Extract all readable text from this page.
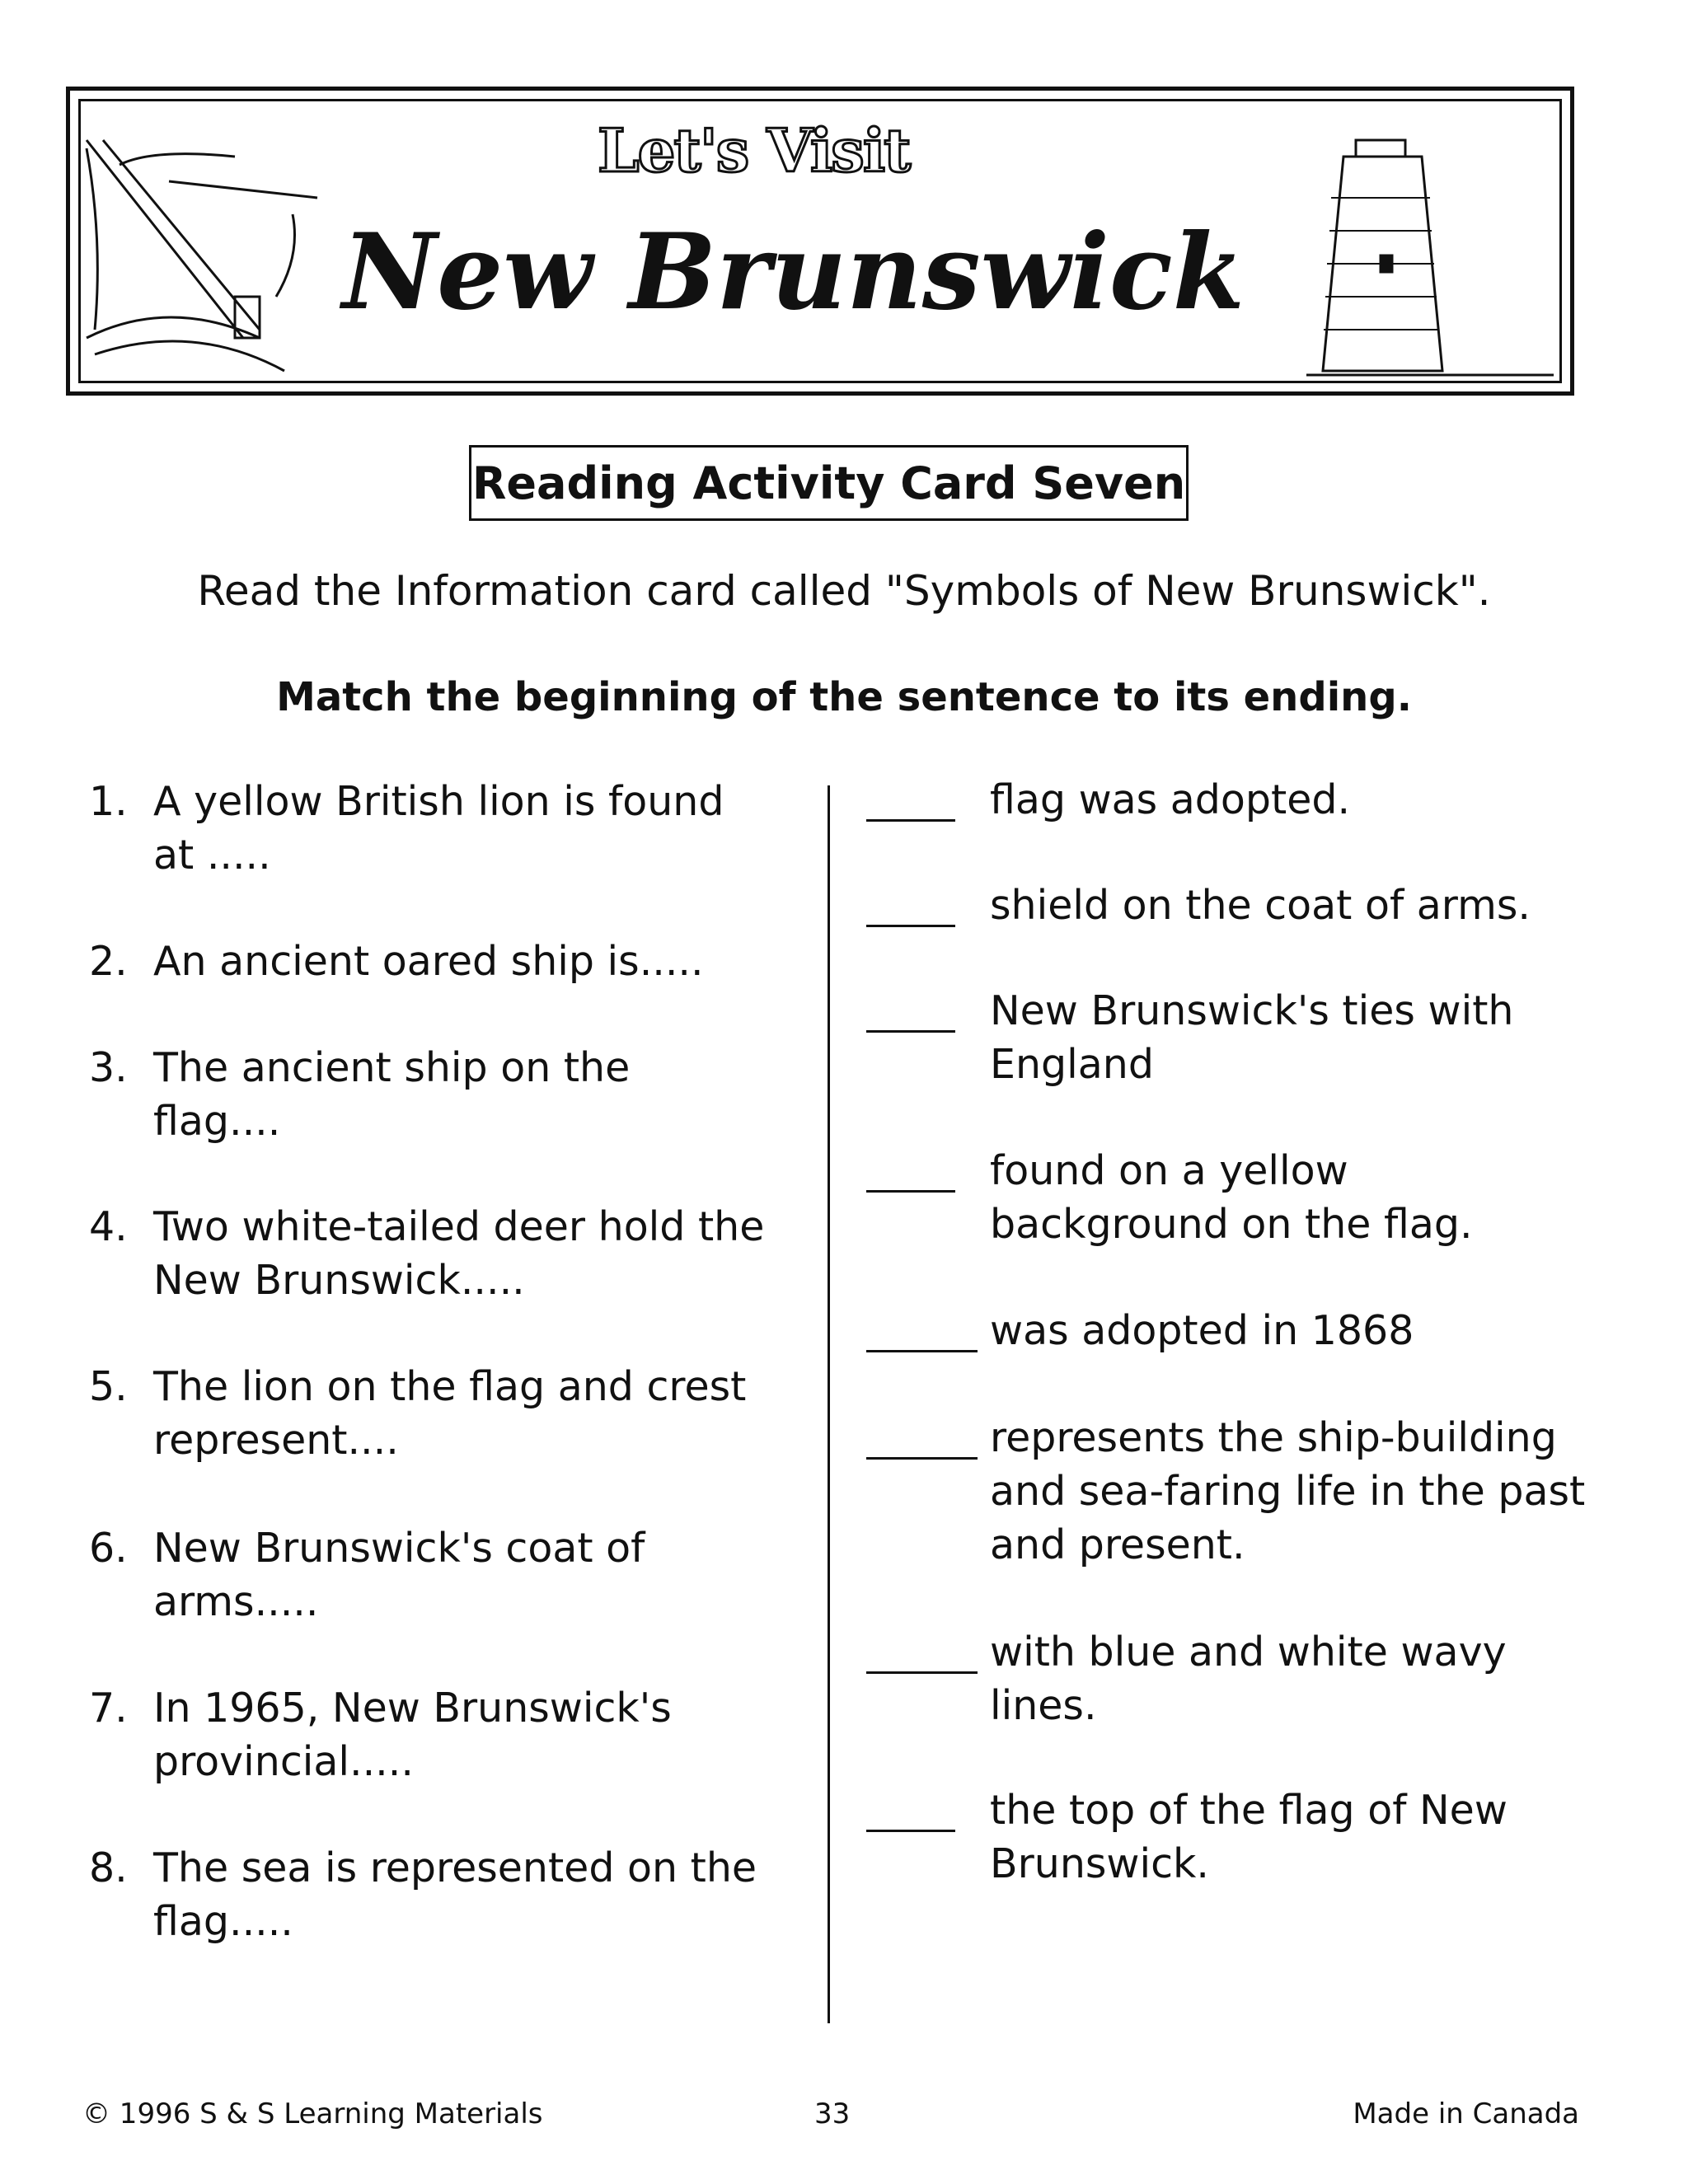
Let's Visit
New Brunswick
Reading Activity Card Seven
Read the Information card called "Symbols of New Brunswick".
Match the beginning of the sentence to its ending.
1. A yellow British lion is found at .....
2. An ancient oared ship is.....
3. The ancient ship on the flag....
4. Two white-tailed deer hold the New Brunswick.....
5. The lion on the flag and crest represent....
6. New Brunswick's coat of arms.....
7. In 1965, New Brunswick's provincial.....
8. The sea is represented on the flag.....
flag was adopted.
shield on the coat of arms.
New Brunswick's ties with England
found on a yellow background on the flag.
was adopted in 1868
represents the ship-building and sea-faring life in the past and present.
with blue and white wavy lines.
the top of the flag of New Brunswick.
© 1996 S & S Learning Materials	33	Made in Canada
